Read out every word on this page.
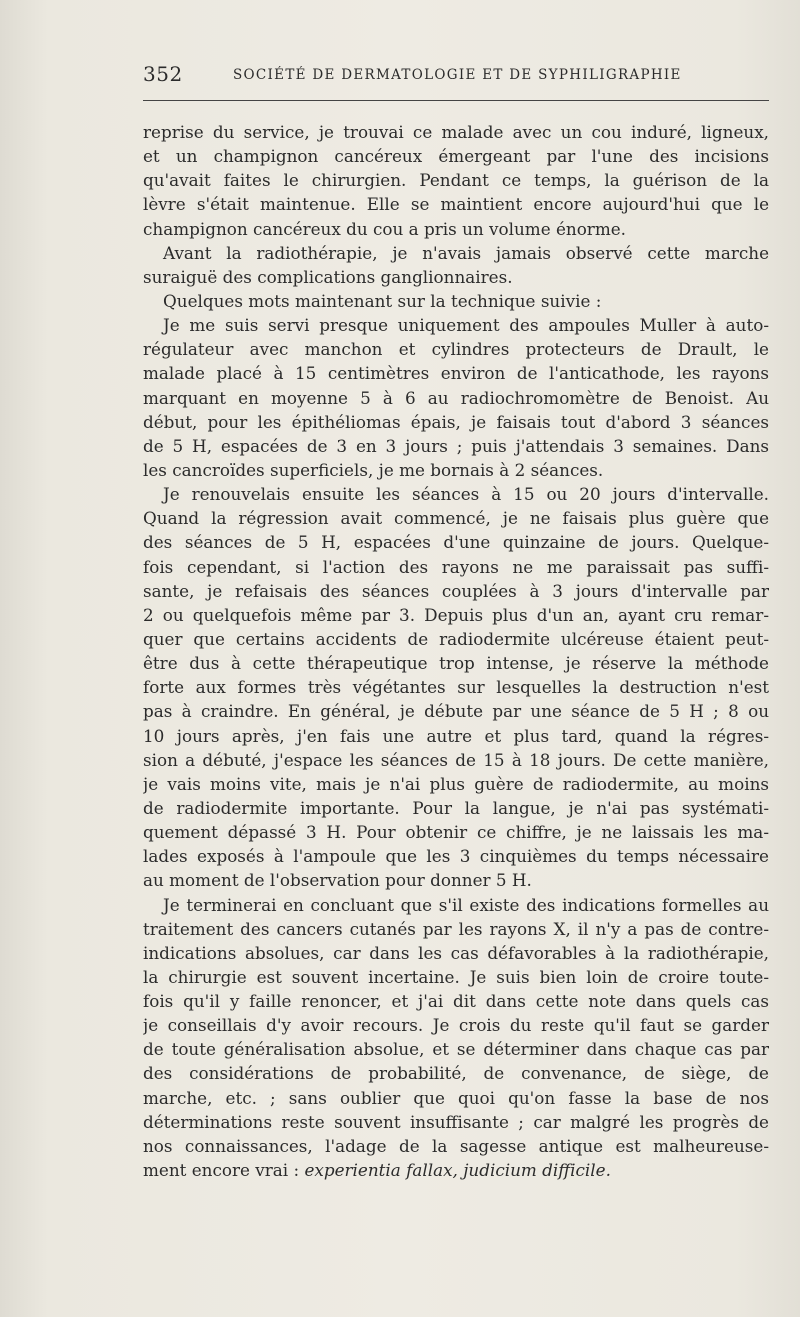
352	SOCIÉTÉ DE DERMATOLOGIE ET DE SYPHILIGRAPHIE
reprise du service, je trouvai ce malade avec un cou induré, ligneux,
et un champignon cancéreux émergeant par l'une des incisions
qu'avait faites le chirurgien. Pendant ce temps, la guérison de la
lèvre s'était maintenue. Elle se maintient encore aujourd'hui que le
champignon cancéreux du cou a pris un volume énorme.
Avant la radiothérapie, je n'avais jamais observé cette marche
suraiguë des complications ganglionnaires.
Quelques mots maintenant sur la technique suivie :
Je me suis servi presque uniquement des ampoules Muller à auto-
régulateur avec manchon et cylindres protecteurs de Drault, le
malade placé à 15 centimètres environ de l'anticathode, les rayons
marquant en moyenne 5 à 6 au radiochromomètre de Benoist. Au
début, pour les épithéliomas épais, je faisais tout d'abord 3 séances
de 5 H, espacées de 3 en 3 jours ; puis j'attendais 3 semaines. Dans
les cancroïdes superficiels, je me bornais à 2 séances.
Je renouvelais ensuite les séances à 15 ou 20 jours d'intervalle.
Quand la régression avait commencé, je ne faisais plus guère que
des séances de 5 H, espacées d'une quinzaine de jours. Quelque-
fois cependant, si l'action des rayons ne me paraissait pas suffi-
sante, je refaisais des séances couplées à 3 jours d'intervalle par
2 ou quelquefois même par 3. Depuis plus d'un an, ayant cru remar-
quer que certains accidents de radiodermite ulcéreuse étaient peut-
être dus à cette thérapeutique trop intense, je réserve la méthode
forte aux formes très végétantes sur lesquelles la destruction n'est
pas à craindre. En général, je débute par une séance de 5 H ; 8 ou
10 jours après, j'en fais une autre et plus tard, quand la régres-
sion a débuté, j'espace les séances de 15 à 18 jours. De cette manière,
je vais moins vite, mais je n'ai plus guère de radiodermite, au moins
de radiodermite importante. Pour la langue, je n'ai pas systémati-
quement dépassé 3 H. Pour obtenir ce chiffre, je ne laissais les ma-
lades exposés à l'ampoule que les 3 cinquièmes du temps nécessaire
au moment de l'observation pour donner 5 H.
Je terminerai en concluant que s'il existe des indications formelles au
traitement des cancers cutanés par les rayons X, il n'y a pas de contre-
indications absolues, car dans les cas défavorables à la radiothérapie,
la chirurgie est souvent incertaine. Je suis bien loin de croire toute-
fois qu'il y faille renoncer, et j'ai dit dans cette note dans quels cas
je conseillais d'y avoir recours. Je crois du reste qu'il faut se garder
de toute généralisation absolue, et se déterminer dans chaque cas par
des considérations de probabilité, de convenance, de siège, de
marche, etc. ; sans oublier que quoi qu'on fasse la base de nos
déterminations reste souvent insuffisante ; car malgré les progrès de
nos connaissances, l'adage de la sagesse antique est malheureuse-
ment encore vrai : experientia fallax, judicium difficile.
